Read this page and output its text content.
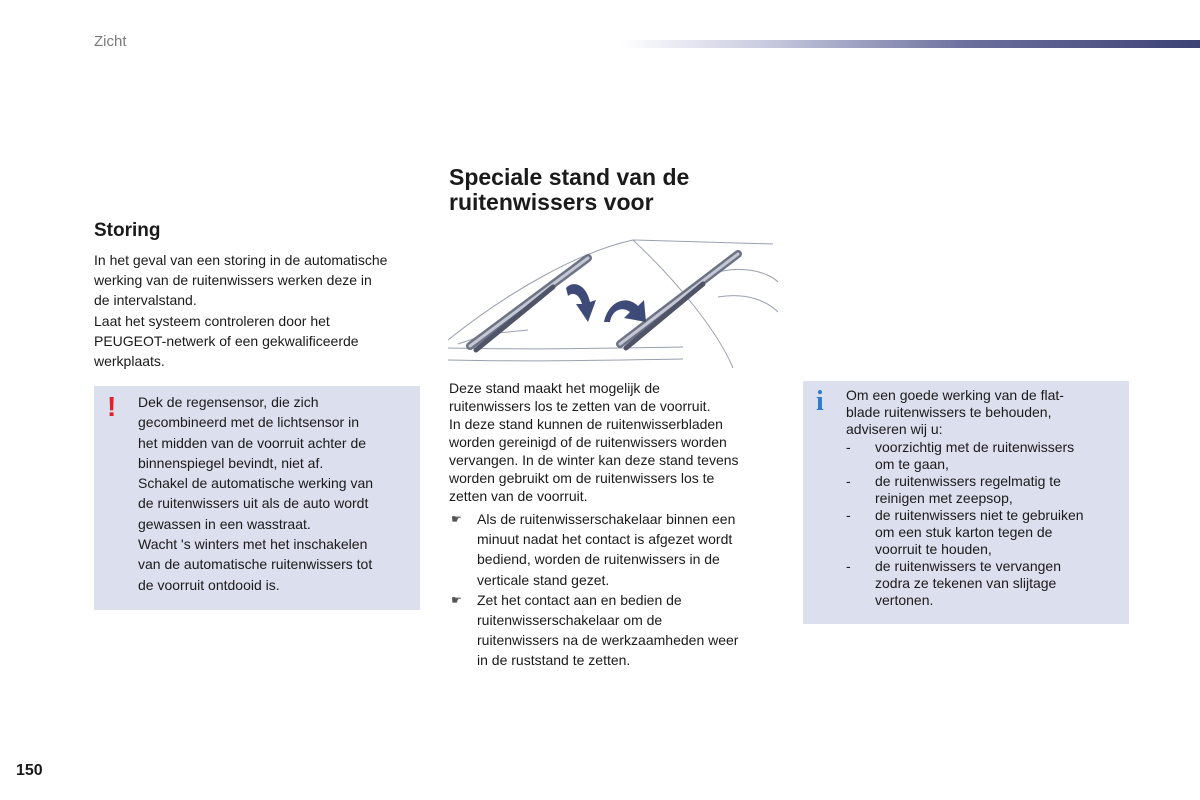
Zicht
Storing

In het geval van een storing in de automatische
werking van de ruitenwissers werken deze in
de intervalstand.
Laat het systeem controleren door het
PEUGEOT-netwerk of een gekwalificeerde
werkplaats.

! Dek de regensensor, die zich
gecombineerd met de lichtsensor in
het midden van de voorruit achter de
binnenspiegel bevindt, niet af.
Schakel de automatische werking van
de ruitenwissers uit als de auto wordt
gewassen in een wasstraat.
Wacht 's winters met het inschakelen
van de automatische ruitenwissers tot
de voorruit ontdooid is.

Speciale stand van de
ruitenwissers voor

Deze stand maakt het mogelijk de
ruitenwissers los te zetten van de voorruit.
In deze stand kunnen de ruitenwisserbladen
worden gereinigd of de ruitenwissers worden
vervangen. In de winter kan deze stand tevens
worden gebruikt om de ruitenwissers los te
zetten van de voorruit.

☛ Als de ruitenwisserschakelaar binnen een
minuut nadat het contact is afgezet wordt
bediend, worden de ruitenwissers in de
verticale stand gezet.
☛ Zet het contact aan en bedien de
ruitenwisserschakelaar om de
ruitenwissers na de werkzaamheden weer
in de ruststand te zetten.
i Om een goede werking van de flat-
blade ruitenwissers te behouden,
adviseren wij u:

- voorzichtig met de ruitenwissers
om te gaan,
- de ruitenwissers regelmatig te
reinigen met zeepsop,
- de ruitenwissers niet te gebruiken
om een stuk karton tegen de
voorruit te houden,
- de ruitenwissers te vervangen
zodra ze tekenen van slijtage
vertonen.
150
